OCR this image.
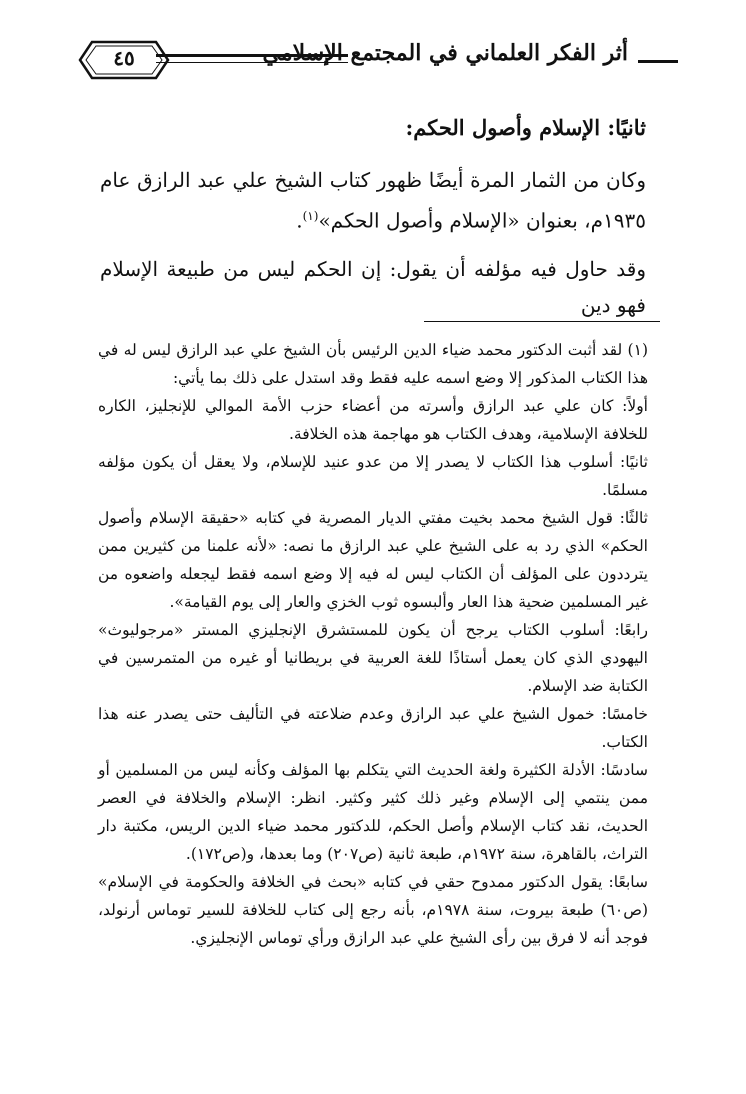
أثر الفكر العلماني في المجتمع الإسلامي
٤٥

ثانيًا: الإسلام وأصول الحكم:

وكان من الثمار المرة أيضًا ظهور كتاب الشيخ علي عبد الرازق عام ١٩٣٥م، بعنوان «الإسلام وأصول الحكم»$^{(١)}$.

وقد حاول فيه مؤلفه أن يقول: إن الحكم ليس من طبيعة الإسلام فهو دين

(١) لقد أثبت الدكتور محمد ضياء الدين الرئيس بأن الشيخ علي عبد الرازق ليس له في هذا الكتاب المذكور إلا وضع اسمه عليه فقط وقد استدل على ذلك بما يأتي:

أولاً: كان علي عبد الرازق وأسرته من أعضاء حزب الأمة الموالي للإنجليز، الكاره للخلافة الإسلامية، وهدف الكتاب هو مهاجمة هذه الخلافة.

ثانيًا: أسلوب هذا الكتاب لا يصدر إلا من عدو عنيد للإسلام، ولا يعقل أن يكون مؤلفه مسلمًا.

ثالثًا: قول الشيخ محمد بخيت مفتي الديار المصرية في كتابه «حقيقة الإسلام وأصول الحكم» الذي رد به على الشيخ علي عبد الرازق ما نصه: «لأنه علمنا من كثيرين ممن يترددون على المؤلف أن الكتاب ليس له فيه إلا وضع اسمه فقط ليجعله واضعوه من غير المسلمين ضحية هذا العار وألبسوه ثوب الخزي والعار إلى يوم القيامة».

رابعًا: أسلوب الكتاب يرجح أن يكون للمستشرق الإنجليزي المستر «مرجوليوث» اليهودي الذي كان يعمل أستاذًا للغة العربية في بريطانيا أو غيره من المتمرسين في الكتابة ضد الإسلام.

خامسًا: خمول الشيخ علي عبد الرازق وعدم ضلاعته في التأليف حتى يصدر عنه هذا الكتاب.

سادسًا: الأدلة الكثيرة ولغة الحديث التي يتكلم بها المؤلف وكأنه ليس من المسلمين أو ممن ينتمي إلى الإسلام وغير ذلك كثير وكثير. انظر: الإسلام والخلافة في العصر الحديث، نقد كتاب الإسلام وأصل الحكم، للدكتور محمد ضياء الدين الريس، مكتبة دار التراث، بالقاهرة، سنة ١٩٧٢م، طبعة ثانية (ص٢٠٧) وما بعدها، و(ص١٧٢).

سابعًا: يقول الدكتور ممدوح حقي في كتابه «بحث في الخلافة والحكومة في الإسلام» (ص٦٠) طبعة بيروت، سنة ١٩٧٨م، بأنه رجع إلى كتاب للخلافة للسير توماس أرنولد، فوجد أنه لا فرق بين رأى الشيخ علي عبد الرازق ورأي توماس الإنجليزي.
